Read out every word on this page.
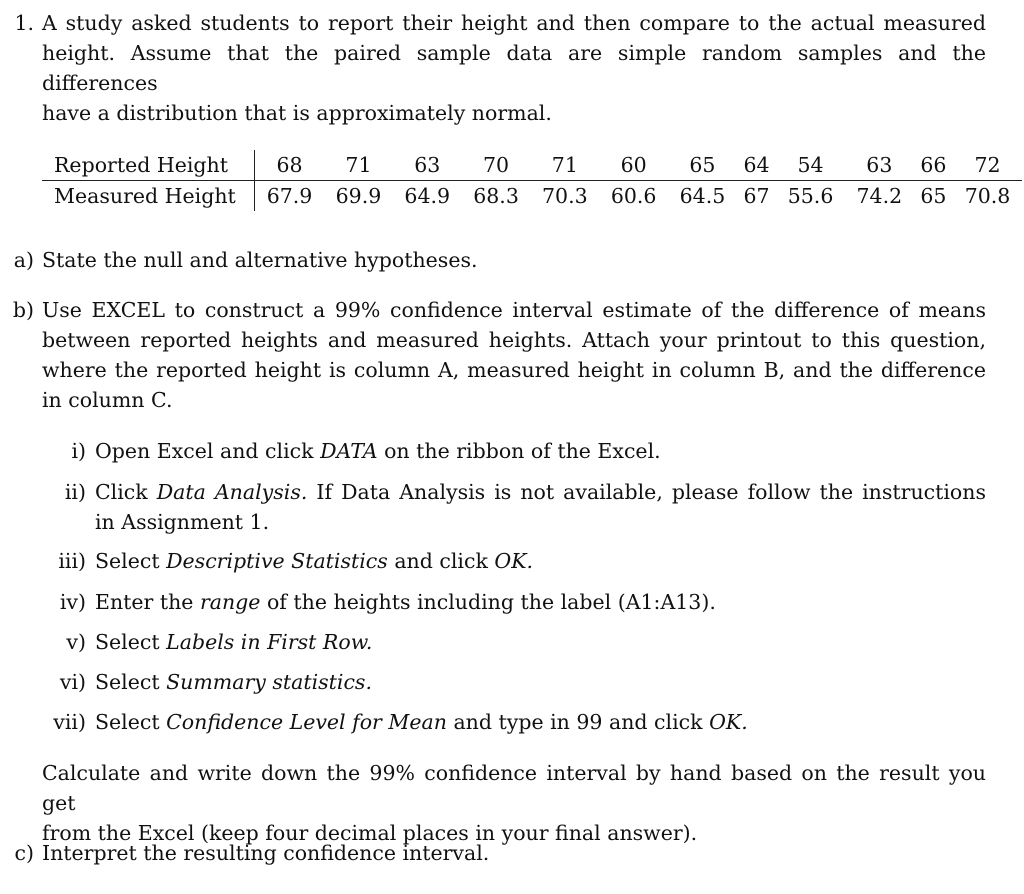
1. A study asked students to report their height and then compare to the actual measured
height. Assume that the paired sample data are simple random samples and the differences
have a distribution that is approximately normal.
Reported Height	68	71	63	70	71	60	65	64	54	63	66	72
Measured Height	67.9	69.9	64.9	68.3	70.3	60.6	64.5	67	55.6	74.2	65	70.8
a) State the null and alternative hypotheses.
b) Use EXCEL to construct a 99% confidence interval estimate of the difference of means
between reported heights and measured heights. Attach your printout to this question,
where the reported height is column A, measured height in column B, and the difference
in column C.
i) Open Excel and click DATA on the ribbon of the Excel.
ii) Click Data Analysis. If Data Analysis is not available, please follow the instructions
in Assignment 1.
iii) Select Descriptive Statistics and click OK.
iv) Enter the range of the heights including the label (A1:A13).
v) Select Labels in First Row.
vi) Select Summary statistics.
vii) Select Confidence Level for Mean and type in 99 and click OK.
Calculate and write down the 99% confidence interval by hand based on the result you get
from the Excel (keep four decimal places in your final answer).
c) Interpret the resulting confidence interval.
